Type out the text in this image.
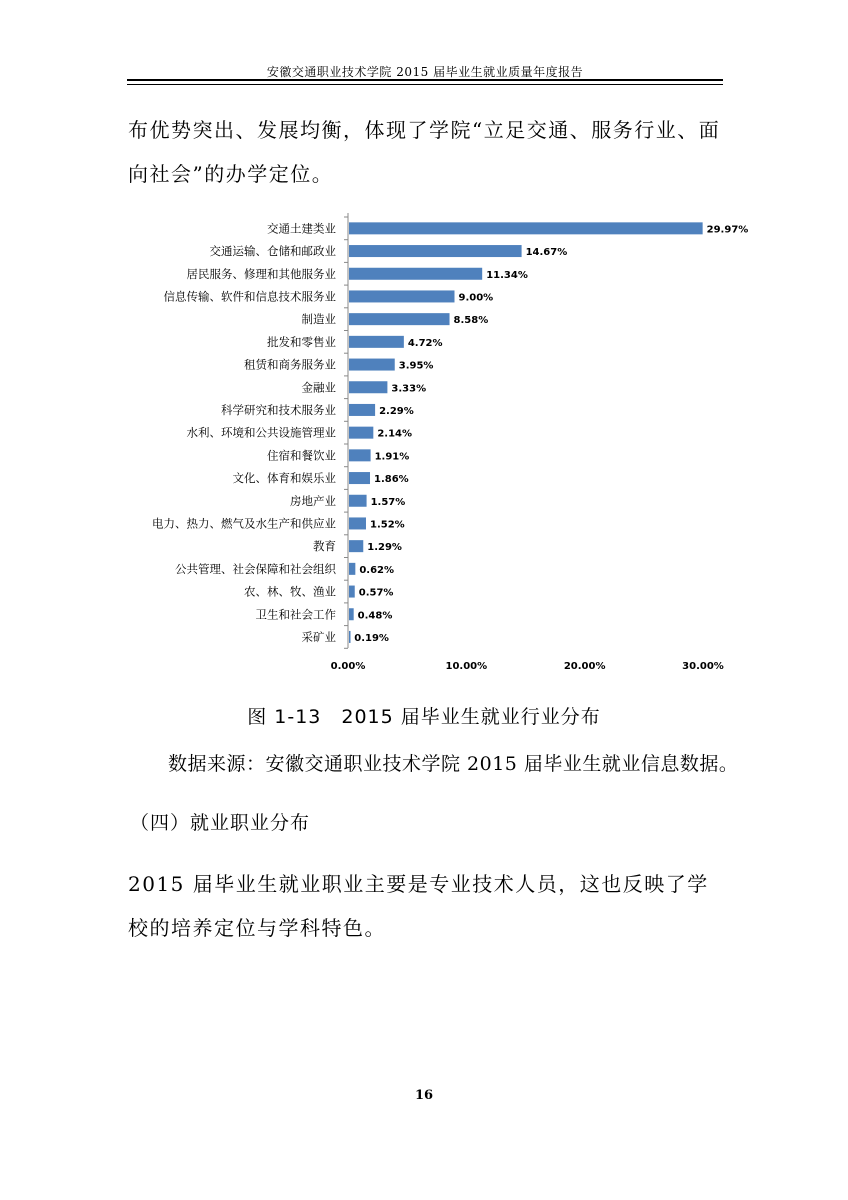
安徽交通职业技术学院 2015 届毕业生就业质量年度报告
布优势突出、发展均衡，体现了学院“立足交通、服务行业、面向社会”的办学定位。
交通土建类业	29.97%
交通运输、仓储和邮政业	14.67%
居民服务、修理和其他服务业	11.34%
信息传输、软件和信息技术服务业	9.00%
制造业	8.58%
批发和零售业	4.72%
租赁和商务服务业	3.95%
金融业	3.33%
科学研究和技术服务业	2.29%
水利、环境和公共设施管理业	2.14%
住宿和餐饮业	1.91%
文化、体育和娱乐业	1.86%
房地产业	1.57%
电力、热力、燃气及水生产和供应业	1.52%
教育	1.29%
公共管理、社会保障和社会组织 0.62%
农、林、牧、渔业 0.57%
卫生和社会工作 0.48%
采矿业 0.19%
0.00%	10.00%	20.00%	30.00%
图 1-13　2015 届毕业生就业行业分布
数据来源：安徽交通职业技术学院 2015 届毕业生就业信息数据。
（四）就业职业分布
2015 届毕业生就业职业主要是专业技术人员，这也反映了学校的培养定位与学科特色。
16
